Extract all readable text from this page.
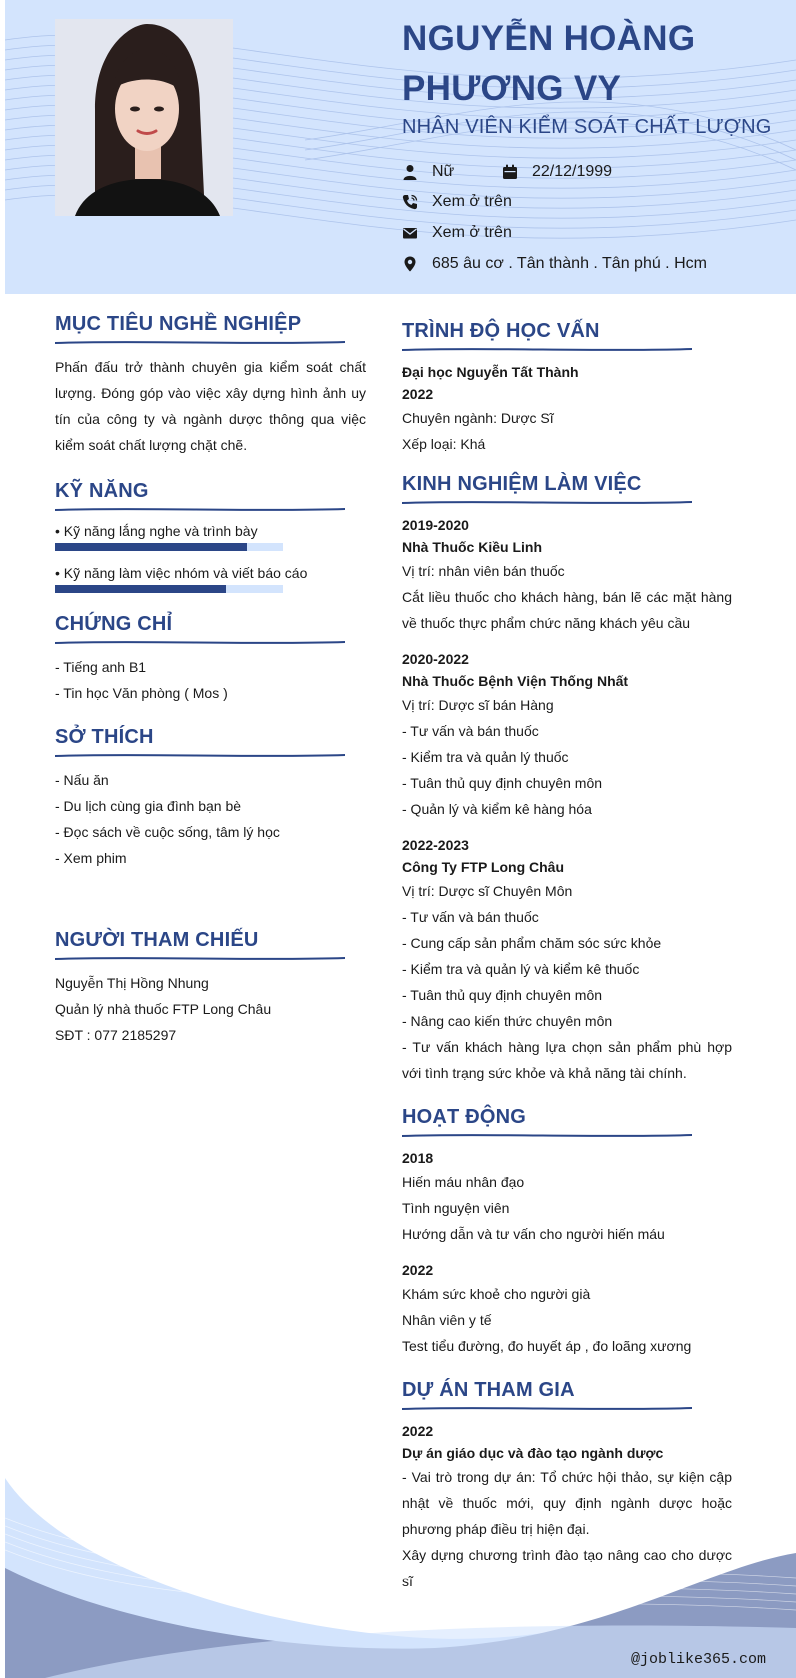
NGUYỄN HOÀNG
PHƯƠNG VY
NHÂN VIÊN KIỂM SOÁT CHẤT LƯỢNG
Nữ	22/12/1999
Xem ở trên
Xem ở trên
685 âu cơ . Tân thành . Tân phú . Hcm
MỤC TIÊU NGHỀ NGHIỆP

Phấn đấu trở thành chuyên gia kiểm soát chất lượng. Đóng góp vào việc xây dựng hình ảnh uy tín của công ty và ngành dược thông qua việc kiểm soát chất lượng chặt chẽ.

KỸ NĂNG
• Kỹ năng lắng nghe và trình bày
• Kỹ năng làm việc nhóm và viết báo cáo
CHỨNG CHỈ
- Tiếng anh B1
- Tin học Văn phòng ( Mos )
SỞ THÍCH
- Nấu ăn
- Du lịch cùng gia đình bạn bè
- Đọc sách về cuộc sống, tâm lý học
- Xem phim
NGƯỜI THAM CHIẾU
Nguyễn Thị Hồng Nhung
Quản lý nhà thuốc FTP Long Châu
SĐT : 077 2185297
TRÌNH ĐỘ HỌC VẤN
Đại học Nguyễn Tất Thành
2022
Chuyên ngành: Dược Sĩ
Xếp loại: Khá
KINH NGHIỆM LÀM VIỆC
2019-2020
Nhà Thuốc Kiều Linh
Vị trí: nhân viên bán thuốc
Cắt liều thuốc cho khách hàng, bán lẽ các mặt hàng về thuốc thực phẩm chức năng khách yêu cầu
2020-2022
Nhà Thuốc Bệnh Viện Thống Nhất
Vị trí: Dược sĩ bán Hàng
- Tư vấn và bán thuốc
- Kiểm tra và quản lý thuốc
- Tuân thủ quy định chuyên môn
- Quản lý và kiểm kê hàng hóa
2022-2023
Công Ty FTP Long Châu
Vị trí: Dược sĩ Chuyên Môn
- Tư vấn và bán thuốc
- Cung cấp sản phẩm chăm sóc sức khỏe
- Kiểm tra và quản lý và kiểm kê thuốc
- Tuân thủ quy định chuyên môn
- Nâng cao kiến thức chuyên môn
- Tư vấn khách hàng lựa chọn sản phẩm phù hợp với tình trạng sức khỏe và khả năng tài chính.
HOẠT ĐỘNG
2018
Hiến máu nhân đạo
Tình nguyện viên
Hướng dẫn và tư vấn cho người hiến máu
2022
Khám sức khoẻ cho người già
Nhân viên y tế
Test tiểu đường, đo huyết áp , đo loãng xương
DỰ ÁN THAM GIA
2022
Dự án giáo dục và đào tạo ngành dược
- Vai trò trong dự án: Tổ chức hội thảo, sự kiện cập nhật về thuốc mới, quy định ngành dược hoặc phương pháp điều trị hiện đại.
Xây dựng chương trình đào tạo nâng cao cho dược sĩ
@joblike365.com
